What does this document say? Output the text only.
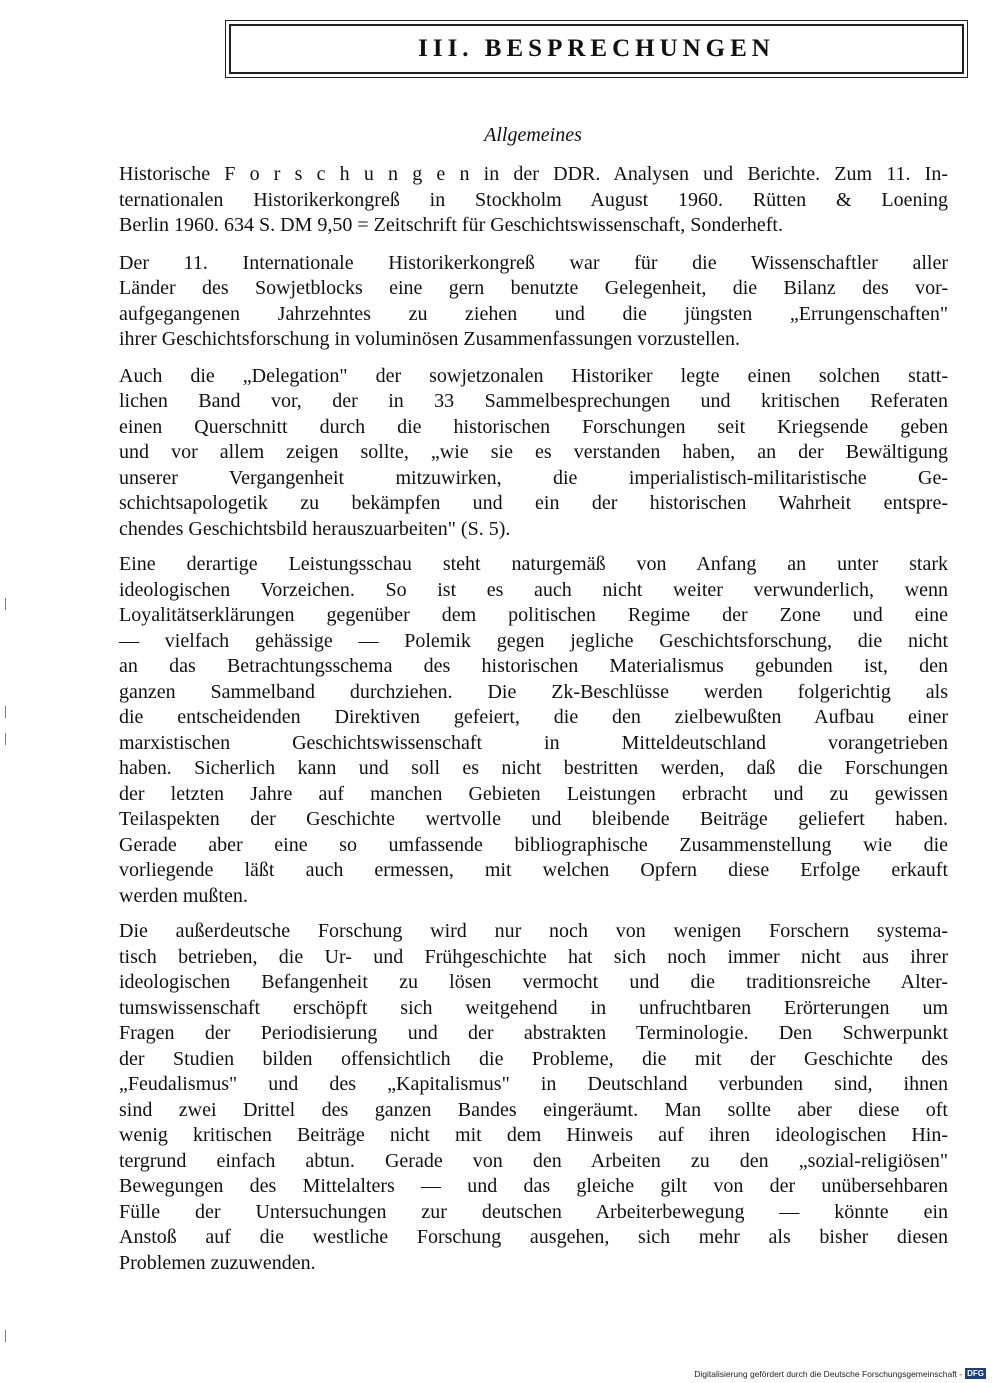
III. BESPRECHUNGEN
Allgemeines

Historische F o r s c h u n g e n in der DDR. Analysen und Berichte. Zum 11. In-
ternationalen Historikerkongreß in Stockholm August 1960. Rütten & Loening
Berlin 1960. 634 S. DM 9,50 = Zeitschrift für Geschichtswissenschaft, Sonderheft.

Der 11. Internationale Historikerkongreß war für die Wissenschaftler aller
Länder des Sowjetblocks eine gern benutzte Gelegenheit, die Bilanz des vor-
aufgegangenen Jahrzehntes zu ziehen und die jüngsten „Errungenschaften"
ihrer Geschichtsforschung in voluminösen Zusammenfassungen vorzustellen.

Auch die „Delegation" der sowjetzonalen Historiker legte einen solchen statt-
lichen Band vor, der in 33 Sammelbesprechungen und kritischen Referaten
einen Querschnitt durch die historischen Forschungen seit Kriegsende geben
und vor allem zeigen sollte, „wie sie es verstanden haben, an der Bewältigung
unserer Vergangenheit mitzuwirken, die imperialistisch-militaristische Ge-
schichtsapologetik zu bekämpfen und ein der historischen Wahrheit entspre-
chendes Geschichtsbild herauszuarbeiten" (S. 5).

Eine derartige Leistungsschau steht naturgemäß von Anfang an unter stark
ideologischen Vorzeichen. So ist es auch nicht weiter verwunderlich, wenn
Loyalitätserklärungen gegenüber dem politischen Regime der Zone und eine
— vielfach gehässige — Polemik gegen jegliche Geschichtsforschung, die nicht
an das Betrachtungsschema des historischen Materialismus gebunden ist, den
ganzen Sammelband durchziehen. Die Zk-Beschlüsse werden folgerichtig als
die entscheidenden Direktiven gefeiert, die den zielbewußten Aufbau einer
marxistischen Geschichtswissenschaft in Mitteldeutschland vorangetrieben
haben. Sicherlich kann und soll es nicht bestritten werden, daß die Forschungen
der letzten Jahre auf manchen Gebieten Leistungen erbracht und zu gewissen
Teilaspekten der Geschichte wertvolle und bleibende Beiträge geliefert haben.
Gerade aber eine so umfassende bibliographische Zusammenstellung wie die
vorliegende läßt auch ermessen, mit welchen Opfern diese Erfolge erkauft
werden mußten.

Die außerdeutsche Forschung wird nur noch von wenigen Forschern systema-
tisch betrieben, die Ur- und Frühgeschichte hat sich noch immer nicht aus ihrer
ideologischen Befangenheit zu lösen vermocht und die traditionsreiche Alter-
tumswissenschaft erschöpft sich weitgehend in unfruchtbaren Erörterungen um
Fragen der Periodisierung und der abstrakten Terminologie. Den Schwerpunkt
der Studien bilden offensichtlich die Probleme, die mit der Geschichte des
„Feudalismus" und des „Kapitalismus" in Deutschland verbunden sind, ihnen
sind zwei Drittel des ganzen Bandes eingeräumt. Man sollte aber diese oft
wenig kritischen Beiträge nicht mit dem Hinweis auf ihren ideologischen Hin-
tergrund einfach abtun. Gerade von den Arbeiten zu den „sozial-religiösen"
Bewegungen des Mittelalters — und das gleiche gilt von der unübersehbaren
Fülle der Untersuchungen zur deutschen Arbeiterbewegung — könnte ein
Anstoß auf die westliche Forschung ausgehen, sich mehr als bisher diesen
Problemen zuzuwenden.

Digitalisierung gefördert durch die Deutsche Forschungsgemeinschaft - DFG
